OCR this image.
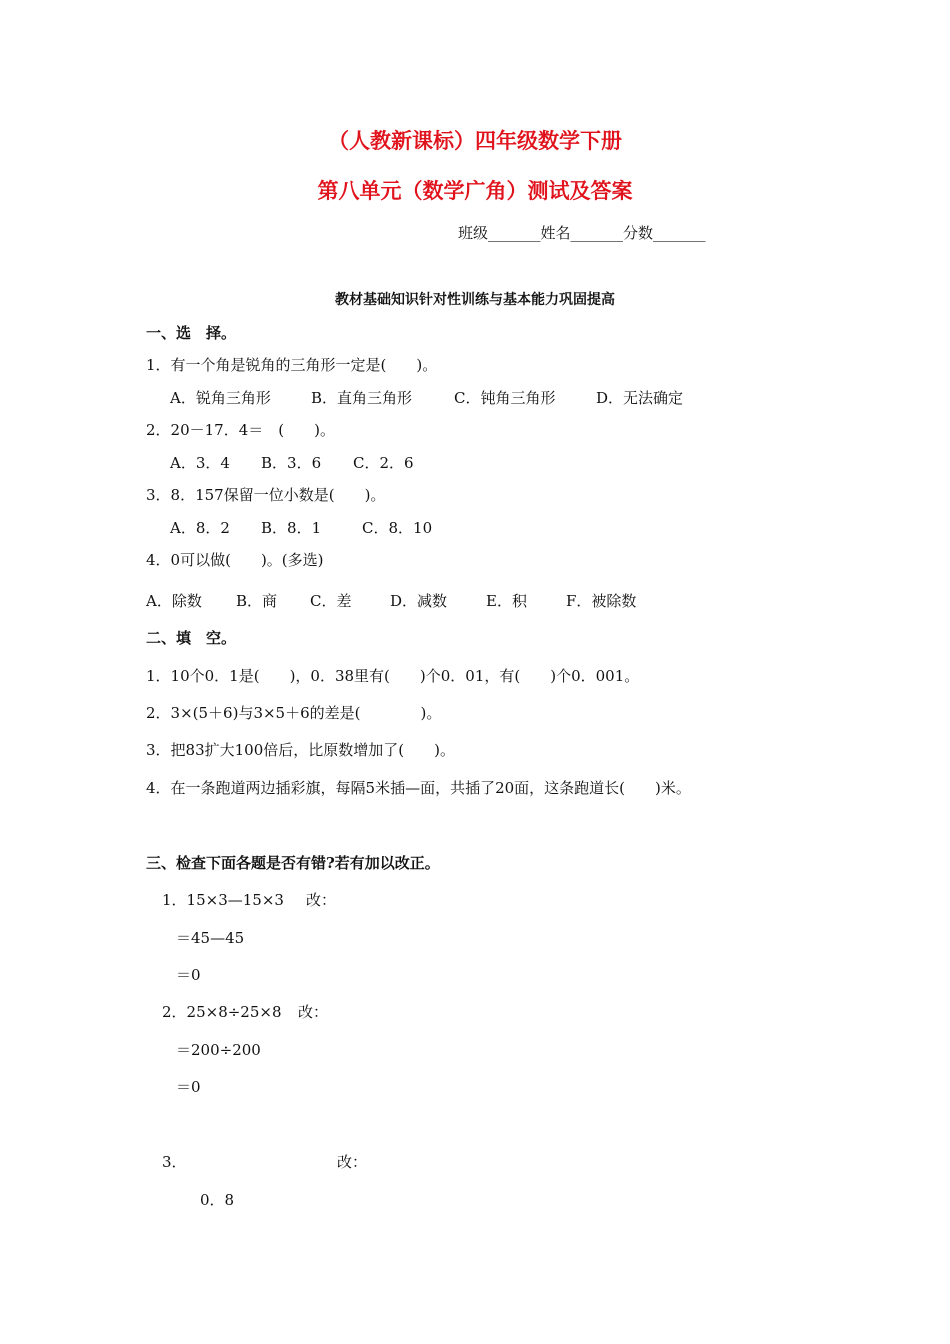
（人教新课标）四年级数学下册
第八单元（数学广角）测试及答案
班级_______姓名_______分数_______
教材基础知识针对性训练与基本能力巩固提高
一、选　择。
1．有一个角是锐角的三角形一定是(　　)。
A．锐角三角形	B．直角三角形	C．钝角三角形	D．无法确定
2．20－17．4＝　(　　)。
A．3．4	B．3．6	C．2．6
3．8．157保留一位小数是(　　)。
A．8．2	B．8．1	C．8．10
4．0可以做(　　)。(多选)
A．除数	B．商	C．差	D．减数	E．积	F．被除数
二、填　空。
1．10个0．1是(　　)，0．38里有(　　)个0．01，有(　　)个0．001。
2．3×(5＋6)与3×5＋6的差是(　　　　)。
3．把83扩大100倍后，比原数增加了(　　)。
4．在一条跑道两边插彩旗，每隔5米插—面，共插了20面，这条跑道长(　　)米。
三、检查下面各题是否有错?若有加以改正。
1．15×3—15×3 改：
＝45—45
＝0
2．25×8÷25×8 改：
＝200÷200
＝0
3．	改：
0．8
